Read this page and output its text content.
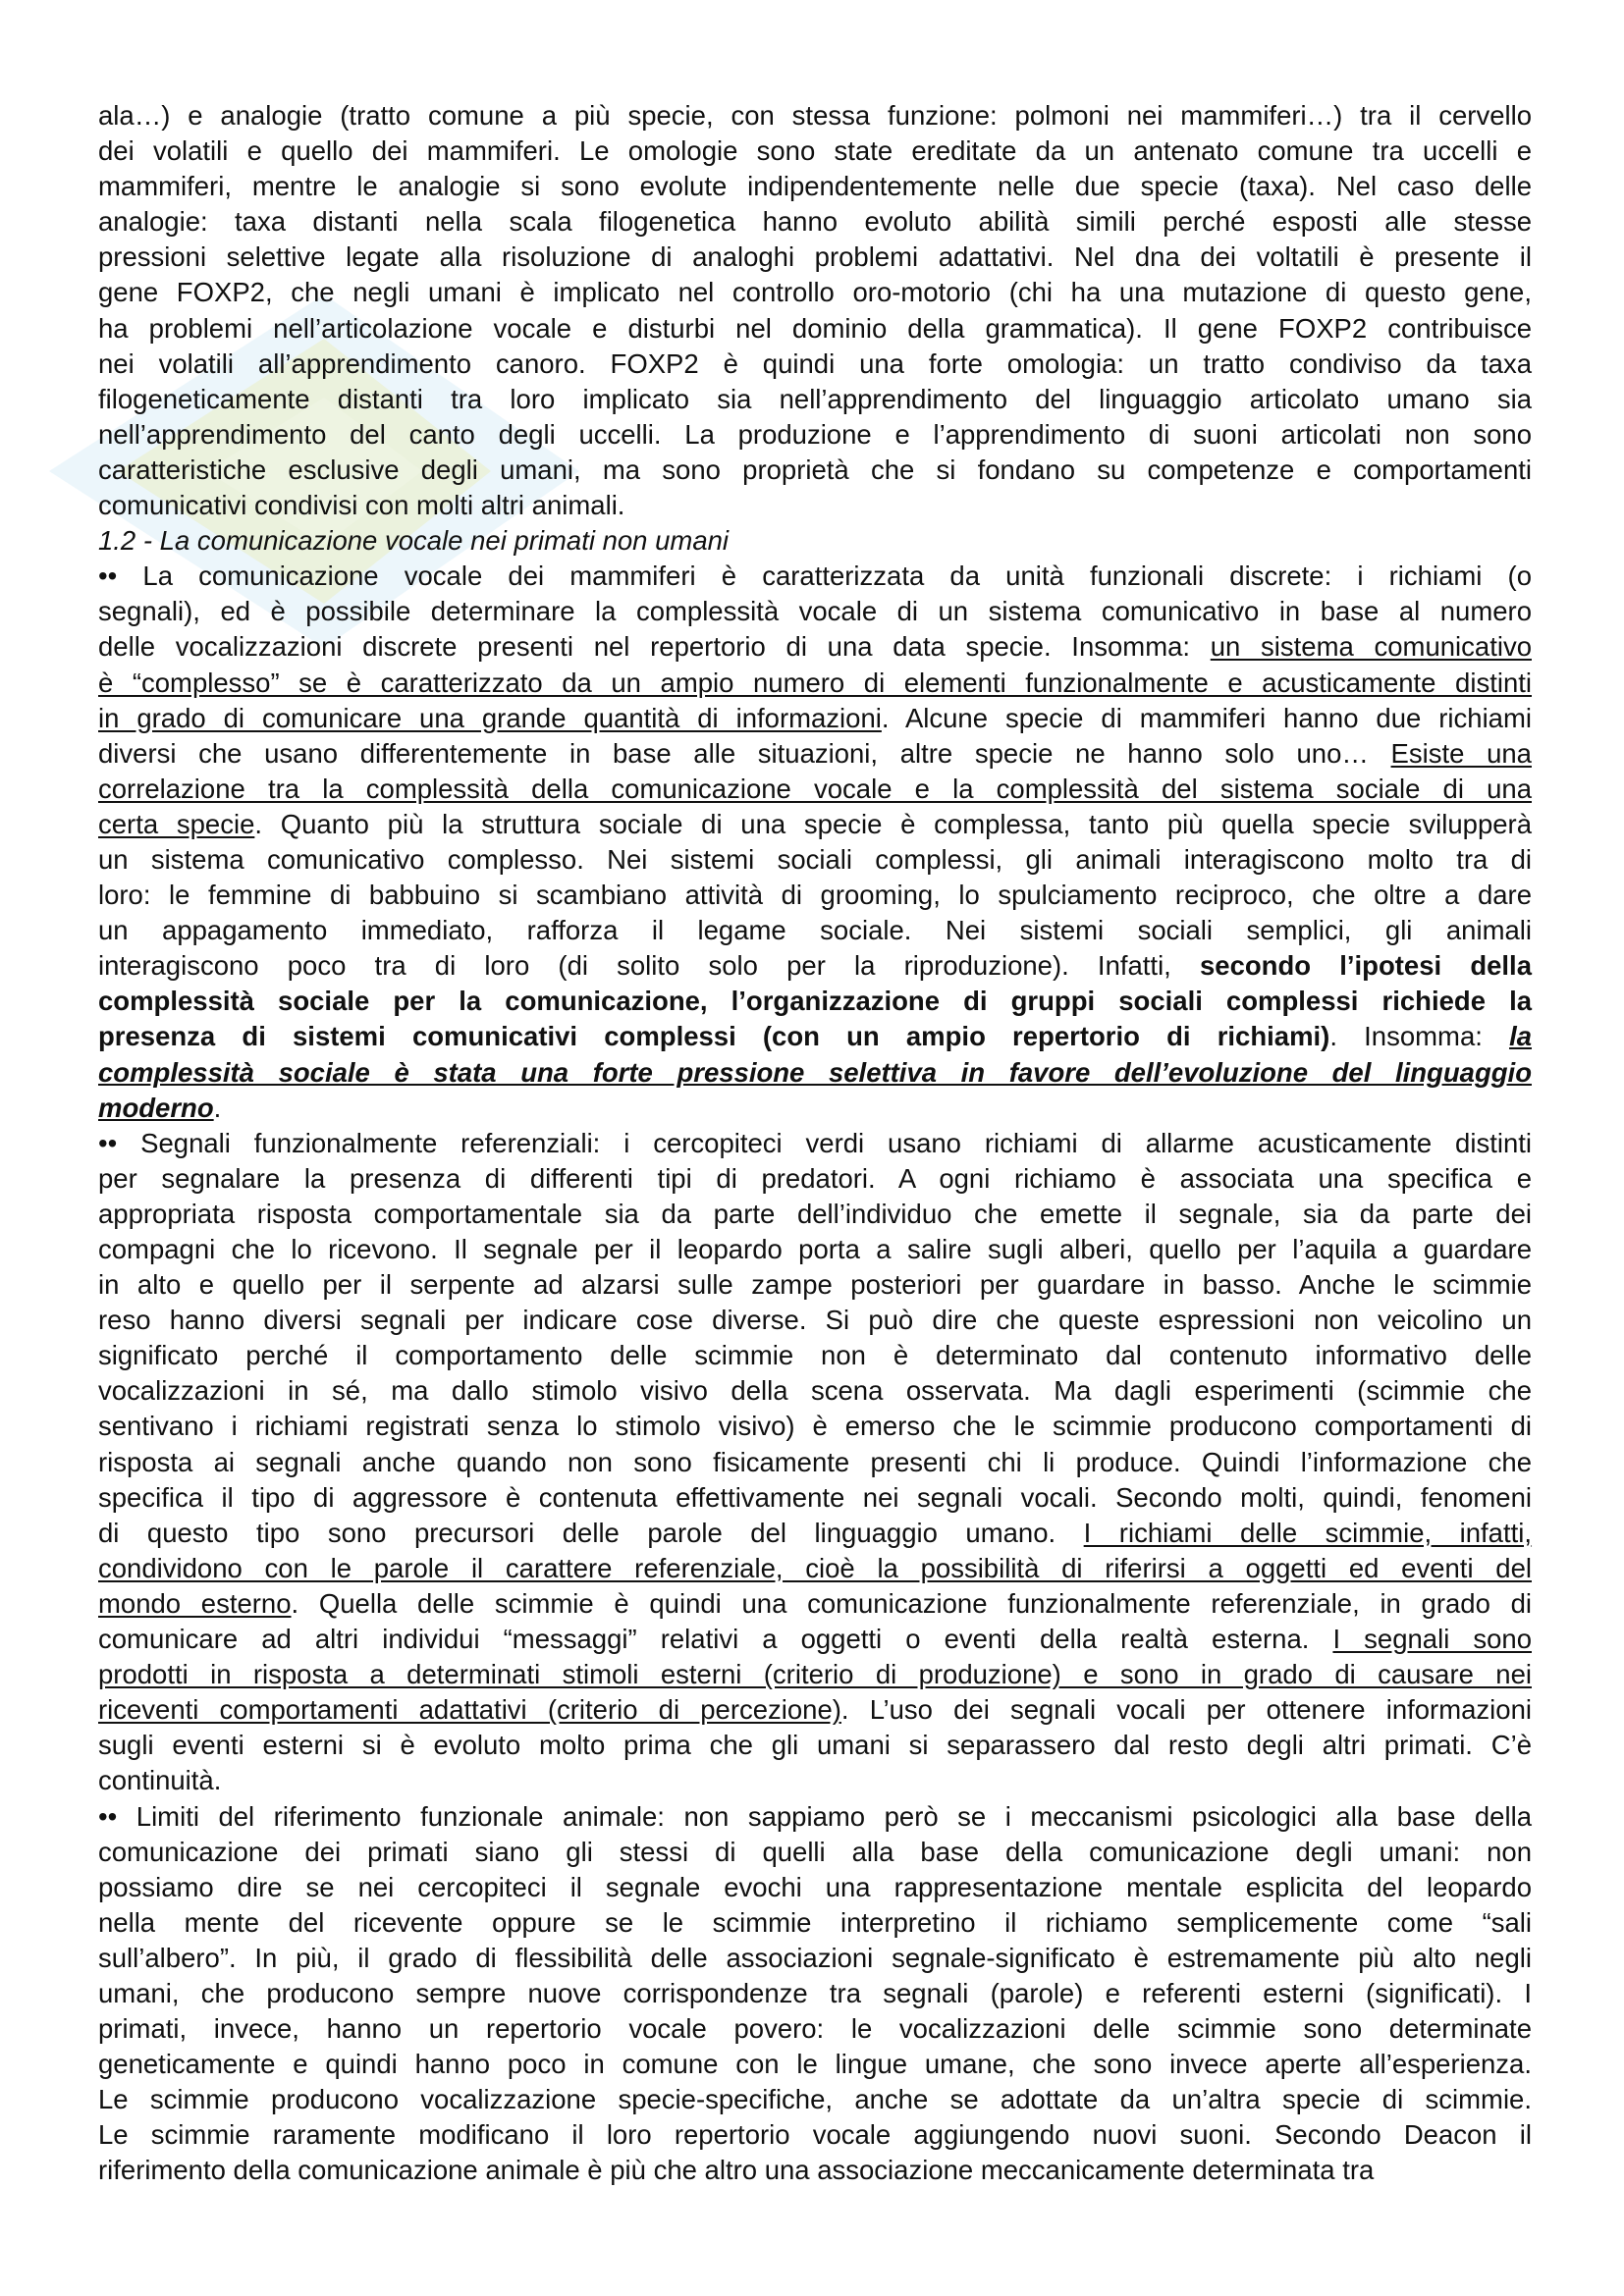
ala…) e analogie (tratto comune a più specie, con stessa funzione: polmoni nei mammiferi…) tra il cervello

dei volatili e quello dei mammiferi. Le omologie sono state ereditate da un antenato comune tra uccelli e

mammiferi, mentre le analogie si sono evolute indipendentemente nelle due specie (taxa). Nel caso delle

analogie: taxa distanti nella scala filogenetica hanno evoluto abilità simili perché esposti alle stesse

pressioni selettive legate alla risoluzione di analoghi problemi adattativi. Nel dna dei voltatili è presente il

gene FOXP2, che negli umani è implicato nel controllo oro-motorio (chi ha una mutazione di questo gene,

ha problemi nell’articolazione vocale e disturbi nel dominio della grammatica). Il gene FOXP2 contribuisce

nei volatili all’apprendimento canoro. FOXP2 è quindi una forte omologia: un tratto condiviso da taxa

filogeneticamente distanti tra loro implicato sia nell’apprendimento del linguaggio articolato umano sia

nell’apprendimento del canto degli uccelli. La produzione e l’apprendimento di suoni articolati non sono

caratteristiche esclusive degli umani, ma sono proprietà che si fondano su competenze e comportamenti

comunicativi condivisi con molti altri animali.

1.2 - La comunicazione vocale nei primati non umani

•• La comunicazione vocale dei mammiferi è caratterizzata da unità funzionali discrete: i richiami (o

segnali), ed è possibile determinare la complessità vocale di un sistema comunicativo in base al numero

delle vocalizzazioni discrete presenti nel repertorio di una data specie. Insomma: un sistema comunicativo

è “complesso” se è caratterizzato da un ampio numero di elementi funzionalmente e acusticamente distinti

in grado di comunicare una grande quantità di informazioni. Alcune specie di mammiferi hanno due richiami

diversi che usano differentemente in base alle situazioni, altre specie ne hanno solo uno… Esiste una

correlazione tra la complessità della comunicazione vocale e la complessità del sistema sociale di una

certa specie. Quanto più la struttura sociale di una specie è complessa, tanto più quella specie svilupperà

un sistema comunicativo complesso. Nei sistemi sociali complessi, gli animali interagiscono molto tra di

loro: le femmine di babbuino si scambiano attività di grooming, lo spulciamento reciproco, che oltre a dare

un appagamento immediato, rafforza il legame sociale. Nei sistemi sociali semplici, gli animali

interagiscono poco tra di loro (di solito solo per la riproduzione). Infatti, secondo l’ipotesi della

complessità sociale per la comunicazione, l’organizzazione di gruppi sociali complessi richiede la

presenza di sistemi comunicativi complessi (con un ampio repertorio di richiami). Insomma: la

complessità sociale è stata una forte pressione selettiva in favore dell’evoluzione del linguaggio

moderno.

•• Segnali funzionalmente referenziali: i cercopiteci verdi usano richiami di allarme acusticamente distinti

per segnalare la presenza di differenti tipi di predatori. A ogni richiamo è associata una specifica e

appropriata risposta comportamentale sia da parte dell’individuo che emette il segnale, sia da parte dei

compagni che lo ricevono. Il segnale per il leopardo porta a salire sugli alberi, quello per l’aquila a guardare

in alto e quello per il serpente ad alzarsi sulle zampe posteriori per guardare in basso. Anche le scimmie

reso hanno diversi segnali per indicare cose diverse. Si può dire che queste espressioni non veicolino un

significato perché il comportamento delle scimmie non è determinato dal contenuto informativo delle

vocalizzazioni in sé, ma dallo stimolo visivo della scena osservata. Ma dagli esperimenti (scimmie che

sentivano i richiami registrati senza lo stimolo visivo) è emerso che le scimmie producono comportamenti di

risposta ai segnali anche quando non sono fisicamente presenti chi li produce. Quindi l’informazione che

specifica il tipo di aggressore è contenuta effettivamente nei segnali vocali. Secondo molti, quindi, fenomeni

di questo tipo sono precursori delle parole del linguaggio umano. I richiami delle scimmie, infatti,

condividono con le parole il carattere referenziale, cioè la possibilità di riferirsi a oggetti ed eventi del

mondo esterno. Quella delle scimmie è quindi una comunicazione funzionalmente referenziale, in grado di

comunicare ad altri individui “messaggi” relativi a oggetti o eventi della realtà esterna. I segnali sono

prodotti in risposta a determinati stimoli esterni (criterio di produzione) e sono in grado di causare nei

riceventi comportamenti adattativi (criterio di percezione). L’uso dei segnali vocali per ottenere informazioni

sugli eventi esterni si è evoluto molto prima che gli umani si separassero dal resto degli altri primati. C’è

continuità.

•• Limiti del riferimento funzionale animale: non sappiamo però se i meccanismi psicologici alla base della

comunicazione dei primati siano gli stessi di quelli alla base della comunicazione degli umani: non

possiamo dire se nei cercopiteci il segnale evochi una rappresentazione mentale esplicita del leopardo

nella mente del ricevente oppure se le scimmie interpretino il richiamo semplicemente come “sali

sull’albero”. In più, il grado di flessibilità delle associazioni segnale-significato è estremamente più alto negli

umani, che producono sempre nuove corrispondenze tra segnali (parole) e referenti esterni (significati). I

primati, invece, hanno un repertorio vocale povero: le vocalizzazioni delle scimmie sono determinate

geneticamente e quindi hanno poco in comune con le lingue umane, che sono invece aperte all’esperienza.

Le scimmie producono vocalizzazione specie-specifiche, anche se adottate da un’altra specie di scimmie.

Le scimmie raramente modificano il loro repertorio vocale aggiungendo nuovi suoni. Secondo Deacon il

riferimento della comunicazione animale è più che altro una associazione meccanicamente determinata tra
